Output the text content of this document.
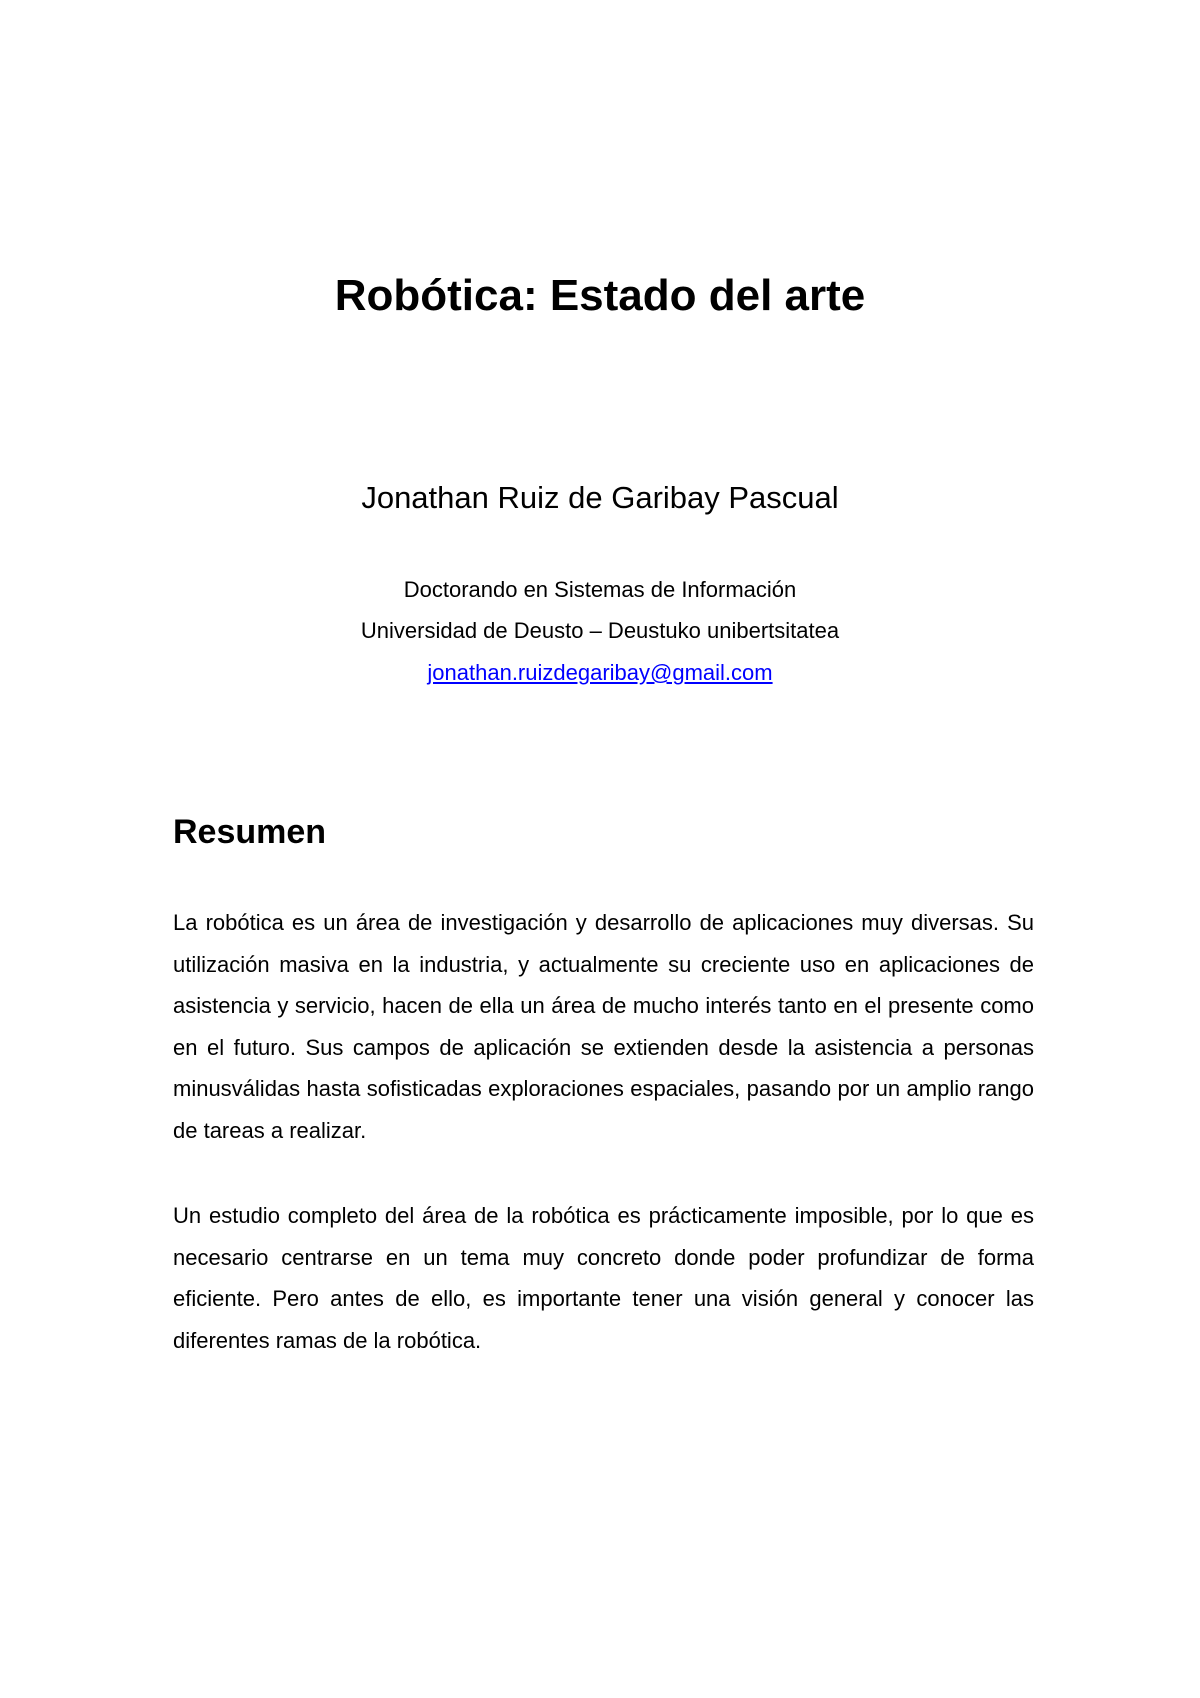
Robótica: Estado del arte

Jonathan Ruiz de Garibay Pascual

Doctorando en Sistemas de Información

Universidad de Deusto – Deustuko unibertsitatea

jonathan.ruizdegaribay@gmail.com

Resumen

La robótica es un área de investigación y desarrollo de aplicaciones muy diversas. Su utilización masiva en la industria, y actualmente su creciente uso en aplicaciones de asistencia y servicio, hacen de ella un área de mucho interés tanto en el presente como en el futuro. Sus campos de aplicación se extienden desde la asistencia a personas minusválidas hasta sofisticadas exploraciones espaciales, pasando por un amplio rango de tareas a realizar.

Un estudio completo del área de la robótica es prácticamente imposible, por lo que es necesario centrarse en un tema muy concreto donde poder profundizar de forma eficiente. Pero antes de ello, es importante tener una visión general y conocer las diferentes ramas de la robótica.
